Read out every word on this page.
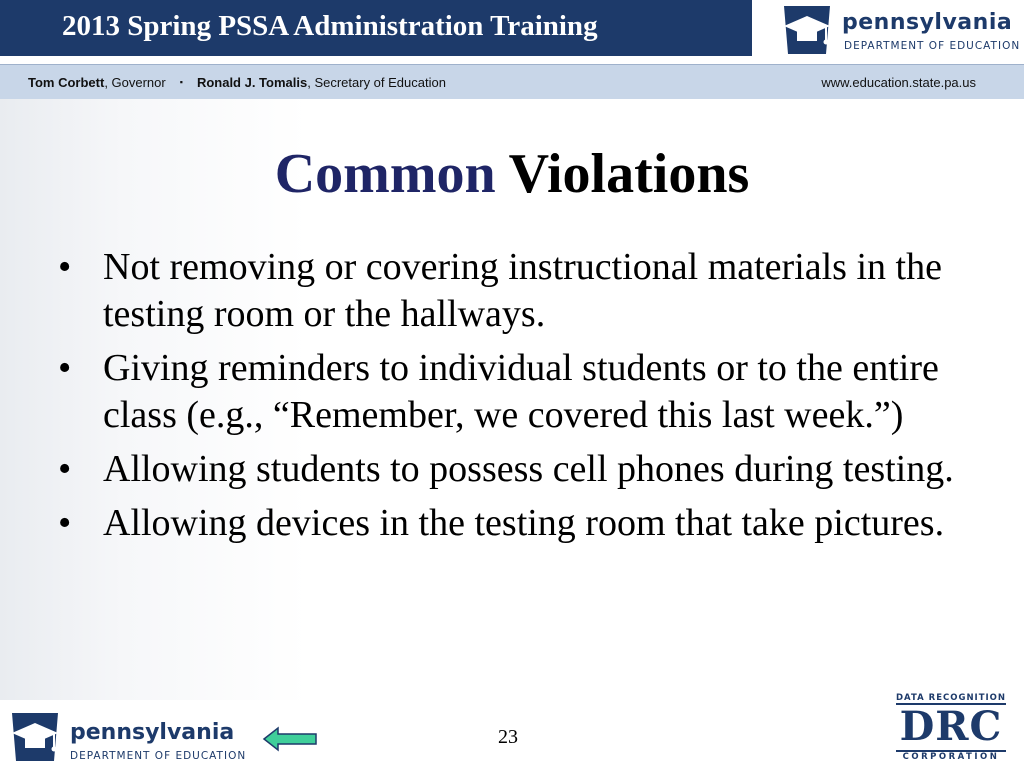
2013 Spring PSSA Administration Training	pennsylvania
DEPARTMENT OF EDUCATION
Tom Corbett, Governor ▪ Ronald J. Tomalis, Secretary of Education	www.education.state.pa.us
Common Violations
• Not removing or covering instructional materials in the testing room or the hallways.
• Giving reminders to individual students or to the entire class (e.g., “Remember, we covered this last week.”)
• Allowing students to possess cell phones during testing.
• Allowing devices in the testing room that take pictures.
pennsylvania
DEPARTMENT OF EDUCATION
23
DATA RECOGNITION
DRC
CORPORATION
